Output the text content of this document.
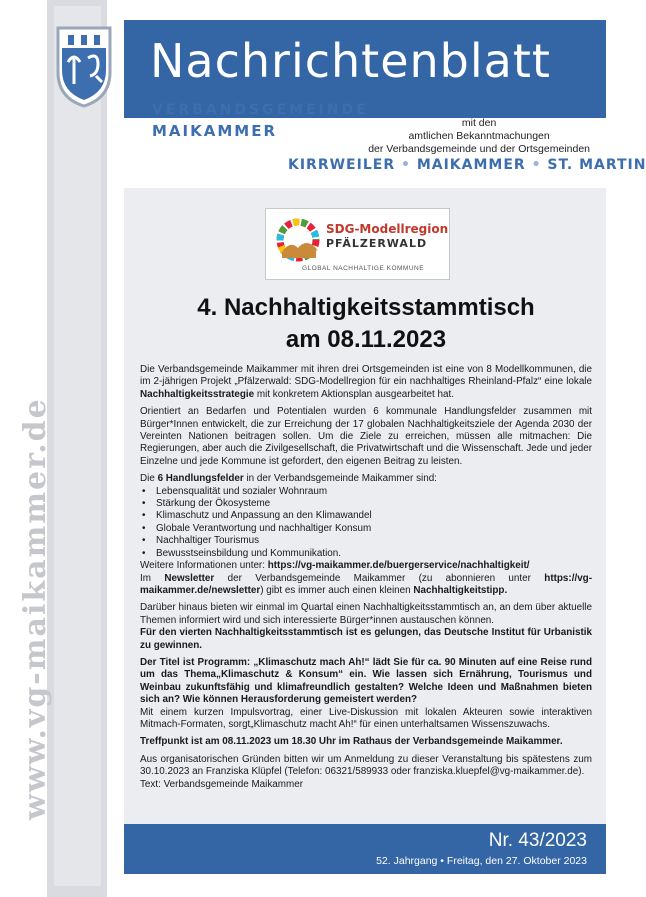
www.vg-maikammer.de
Nachrichtenblatt
VERBANDSGEMEINDE
MAIKAMMER	mit den
amtlichen Bekanntmachungen
der Verbandsgemeinde und der Ortsgemeinden
KIRRWEILER • MAIKAMMER • ST. MARTIN
SDG-Modellregion
PFÄLZERWALD
GLOBAL NACHHALTIGE KOMMUNE
4. Nachhaltigkeitsstammtisch
am 08.11.2023

Die Verbandsgemeinde Maikammer mit ihren drei Ortsgemeinden ist eine von 8 Modellkommunen, die im 2-jährigen Projekt „Pfälzerwald: SDG-Modellregion für ein nachhaltiges Rheinland-Pfalz“ eine lokale Nachhaltigkeitsstrategie mit konkretem Aktionsplan ausgearbeitet hat.

Orientiert an Bedarfen und Potentialen wurden 6 kommunale Handlungsfelder zusammen mit Bürger*Innen entwickelt, die zur Erreichung der 17 globalen Nachhaltigkeitsziele der Agenda 2030 der Vereinten Nationen beitragen sollen. Um die Ziele zu erreichen, müssen alle mitmachen: Die Regierungen, aber auch die Zivilgesellschaft, die Privatwirtschaft und die Wissenschaft. Jede und jeder Einzelne und jede Kommune ist gefordert, den eigenen Beitrag zu leisten.

Die 6 Handlungsfelder in der Verbandsgemeinde Maikammer sind:

• Lebensqualität und sozialer Wohnraum
• Stärkung der Ökosysteme
• Klimaschutz und Anpassung an den Klimawandel
• Globale Verantwortung und nachhaltiger Konsum
• Nachhaltiger Tourismus
• Bewusstseinsbildung und Kommunikation.

Weitere Informationen unter: https://vg-maikammer.de/buergerservice/nachhaltigkeit/

Im Newsletter der Verbandsgemeinde Maikammer (zu abonnieren unter https://vg-maikammer.de/newsletter) gibt es immer auch einen kleinen Nachhaltigkeitstipp.

Darüber hinaus bieten wir einmal im Quartal einen Nachhaltigkeitsstammtisch an, an dem über aktuelle Themen informiert wird und sich interessierte Bürger*innen austauschen können.

Für den vierten Nachhaltigkeitsstammtisch ist es gelungen, das Deutsche Institut für Urbanistik zu gewinnen.

Der Titel ist Programm: „Klimaschutz mach Ah!“ lädt Sie für ca. 90 Minuten auf eine Reise rund um das Thema„Klimaschutz & Konsum“ ein. Wie lassen sich Ernährung, Tourismus und Weinbau zukunftsfähig und klimafreundlich gestalten? Welche Ideen und Maßnahmen bieten sich an? Wie können Herausforderung gemeistert werden?

Mit einem kurzen Impulsvortrag, einer Live-Diskussion mit lokalen Akteuren sowie interaktiven Mitmach-Formaten, sorgt„Klimaschutz macht Ah!“ für einen unterhaltsamen Wissenszuwachs.

Treffpunkt ist am 08.11.2023 um 18.30 Uhr im Rathaus der Verbandsgemeinde Maikammer.

Aus organisatorischen Gründen bitten wir um Anmeldung zu dieser Veranstaltung bis spätestens zum 30.10.2023 an Franziska Klüpfel (Telefon: 06321/589933 oder franziska.kluepfel@vg-maikammer.de).

Text: Verbandsgemeinde Maikammer

Nr. 43/2023
52. Jahrgang • Freitag, den 27. Oktober 2023
